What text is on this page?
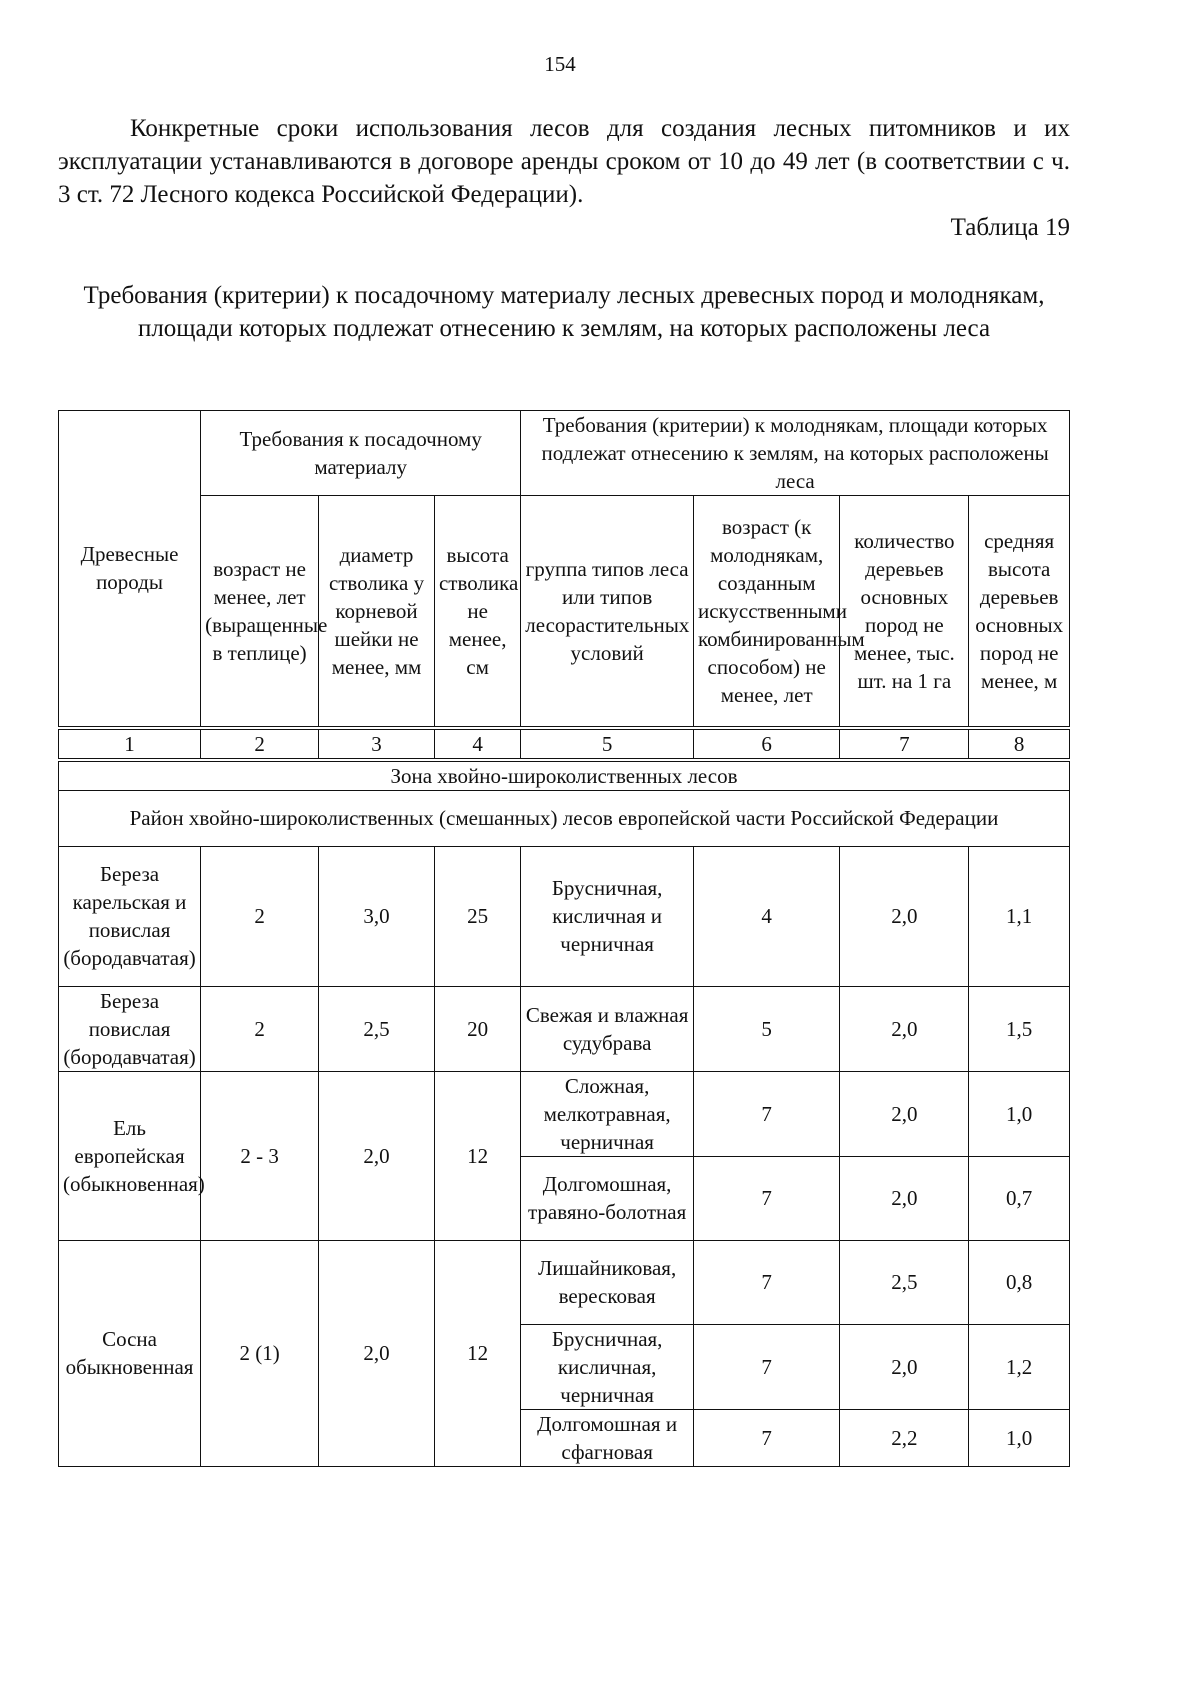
154

Конкретные сроки использования лесов для создания лесных питомников и их эксплуатации устанавливаются в договоре аренды сроком от 10 до 49 лет (в соответствии с ч. 3 ст. 72 Лесного кодекса Российской Федерации).

Таблица 19
Требования (критерии) к посадочному материалу лесных древесных пород и молоднякам, площади которых подлежат отнесению к землям, на которых расположены леса
Древесные породы	Требования к посадочному материалу			Требования (критерии) к молоднякам, площади которых подлежат отнесению к землям, на которых расположены леса			
	возраст не менее, лет (выращенные в теплице)	диаметр стволика у корневой шейки не менее, мм	высота стволика не менее, см	группа типов леса или типов лесорастительных условий	возраст (к молоднякам, созданным искусственными комбинированным способом) не менее, лет	количество деревьев основных пород не менее, тыс. шт. на 1 га	средняя высота деревьев основных пород не менее, м
1	2	3	4	5	6	7	8
Зона хвойно-широколиственных лесов							
Район хвойно-широколиственных (смешанных) лесов европейской части Российской Федерации							
Береза карельская и повислая (бородавчатая)	2	3,0	25	Брусничная, кисличная и черничная	4	2,0	1,1
Береза повислая (бородавчатая)	2	2,5	20	Свежая и влажная судубрава	5	2,0	1,5
Ель европейская (обыкновенная)	2 - 3	2,0	12	Сложная, мелкотравная, черничная	7	2,0	1,0
				Долгомошная, травяно-болотная	7	2,0	0,7
Сосна обыкновенная	2 (1)	2,0	12	Лишайниковая, вересковая	7	2,5	0,8
				Брусничная, кисличная, черничная	7	2,0	1,2
				Долгомошная и сфагновая	7	2,2	1,0
